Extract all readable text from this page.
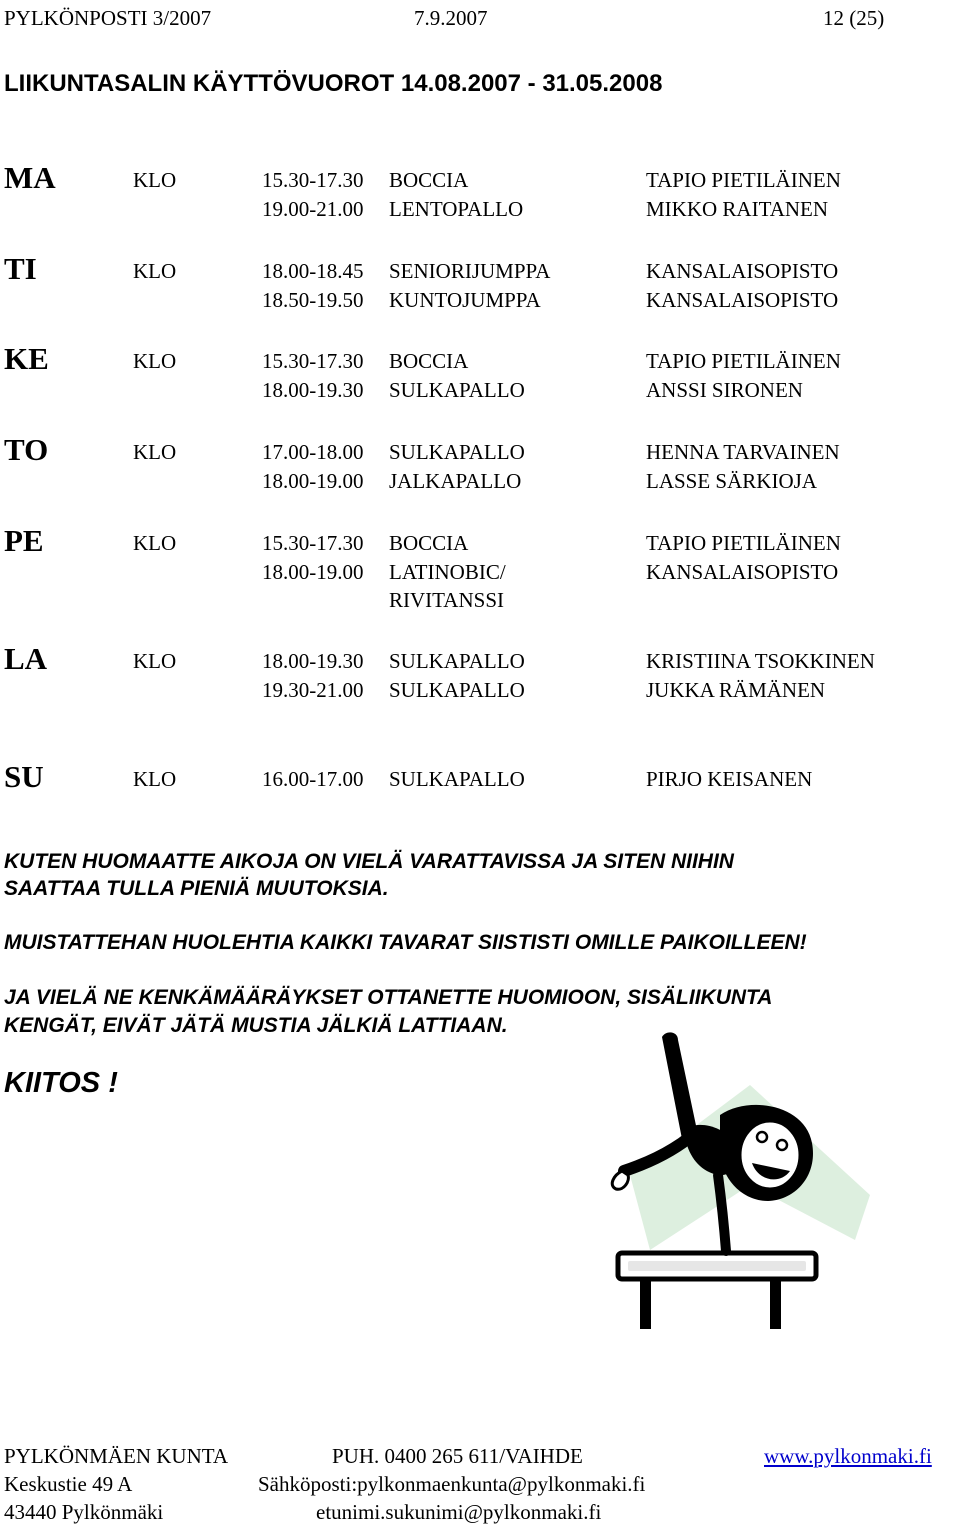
PYLKÖNPOSTI 3/2007	7.9.2007	12 (25)
LIIKUNTASALIN KÄYTTÖVUOROT 14.08.2007 - 31.05.2008
MA	KLO	15.30-17.30 BOCCIA	TAPIO PIETILÄINEN
19.00-21.00 LENTOPALLO	MIKKO RAITANEN
TI	KLO	18.00-18.45 SENIORIJUMPPA	KANSALAISOPISTO
18.50-19.50 KUNTOJUMPPA	KANSALAISOPISTO
KE	KLO	15.30-17.30 BOCCIA	TAPIO PIETILÄINEN
18.00-19.30 SULKAPALLO	ANSSI SIRONEN
TO	KLO	17.00-18.00 SULKAPALLO	HENNA TARVAINEN
18.00-19.00 JALKAPALLO	LASSE SÄRKIOJA
PE	KLO	15.30-17.30 BOCCIA	TAPIO PIETILÄINEN
18.00-19.00 LATINOBIC/	KANSALAISOPISTO
RIVITANSSI
LA	KLO	18.00-19.30 SULKAPALLO	KRISTIINA TSOKKINEN
19.30-21.00 SULKAPALLO	JUKKA RÄMÄNEN
SU	KLO	16.00-17.00 SULKAPALLO	PIRJO KEISANEN
KUTEN HUOMAATTE AIKOJA ON VIELÄ VARATTAVISSA JA SITEN NIIHIN
SAATTAA TULLA PIENIÄ MUUTOKSIA.
MUISTATTEHAN HUOLEHTIA KAIKKI TAVARAT SIISTISTI OMILLE PAIKOILLEEN!
JA VIELÄ NE KENKÄMÄÄRÄYKSET OTTANETTE HUOMIOON, SISÄLIIKUNTA
KENGÄT, EIVÄT JÄTÄ MUSTIA JÄLKIÄ LATTIAAN.
KIITOS !
PYLKÖNMÄEN KUNTA
Keskustie 49 A
43440 Pylkönmäki
PUH. 0400 265 611/VAIHDE
Sähköposti:pylkonmaenkunta@pylkonmaki.fi
etunimi.sukunimi@pylkonmaki.fi
www.pylkonmaki.fi
